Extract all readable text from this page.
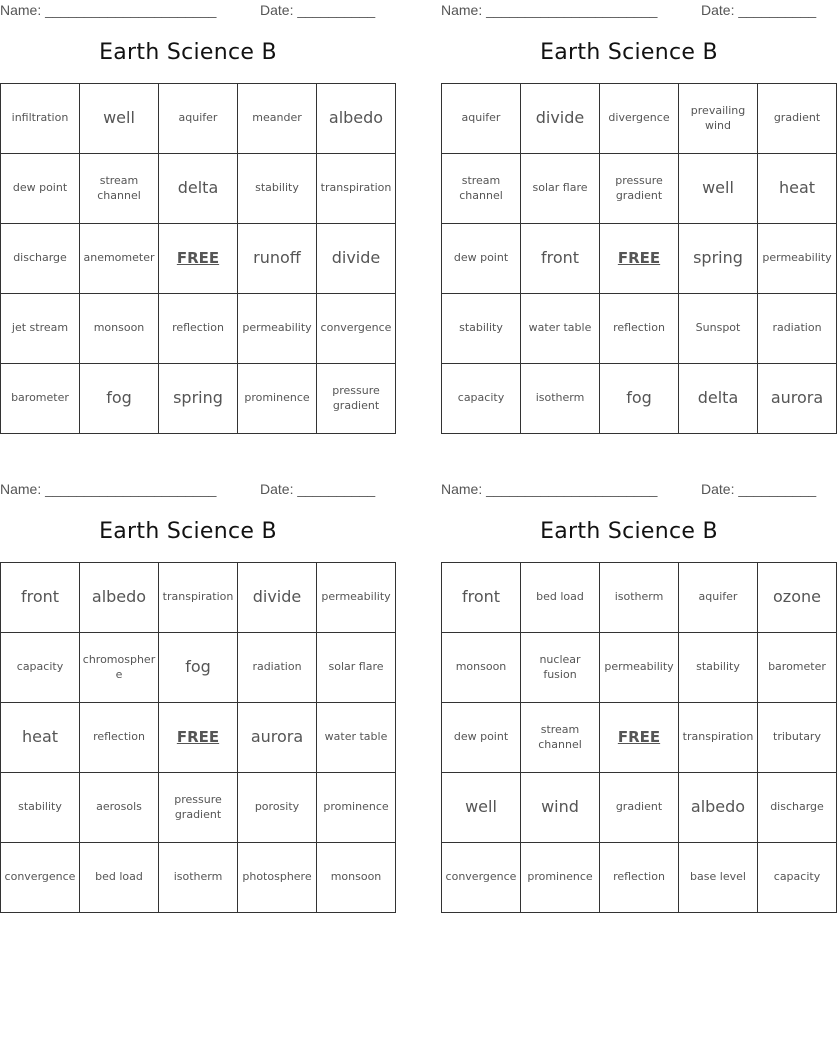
Name: ______________________	Date: __________
Earth Science B
infiltration	well	aquifer	meander	albedo
dew point	stream channel	delta	stability	transpiration
discharge	anemometer	FREE	runoff	divide
jet stream	monsoon	reflection	permeability	convergence
barometer	fog	spring	prominence	pressure gradient
Name: ______________________	Date: __________
Earth Science B
aquifer	divide	divergence	prevailing wind	gradient
stream channel	solar flare	pressure gradient	well	heat
dew point	front	FREE	spring	permeability
stability	water table	reflection	Sunspot	radiation
capacity	isotherm	fog	delta	aurora
Name: ______________________	Date: __________
Earth Science B
front	albedo	transpiration	divide	permeability
capacity	chromosphere	fog	radiation	solar flare
heat	reflection	FREE	aurora	water table
stability	aerosols	pressure gradient	porosity	prominence
convergence	bed load	isotherm	photosphere	monsoon
Name: ______________________	Date: __________
Earth Science B
front	bed load	isotherm	aquifer	ozone
monsoon	nuclear fusion	permeability	stability	barometer
dew point	stream channel	FREE	transpiration	tributary
well	wind	gradient	albedo	discharge
convergence	prominence	reflection	base level	capacity
